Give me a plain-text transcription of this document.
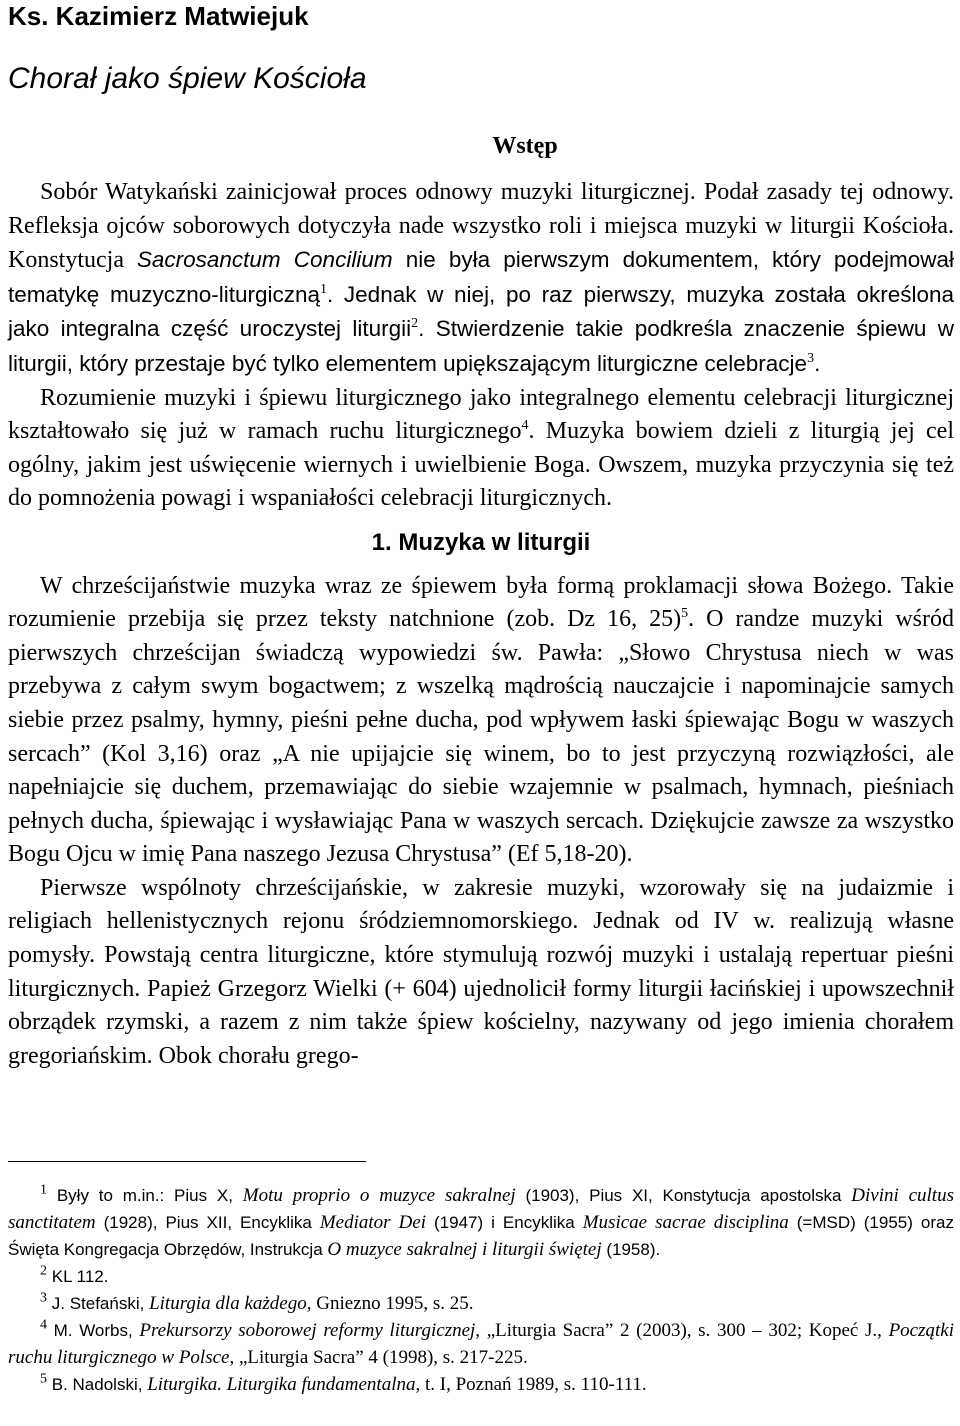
Ks. Kazimierz Matwiejuk
Chorał jako śpiew Kościoła
Wstęp

Sobór Watykański zainicjował proces odnowy muzyki liturgicznej. Podał zasady tej odnowy. Refleksja ojców soborowych dotyczyła nade wszystko roli i miejsca muzyki w liturgii Kościoła. Konstytucja Sacrosanctum Concilium nie była pierwszym dokumentem, który podejmował tematykę muzyczno-liturgiczną$^1$. Jednak w niej, po raz pierwszy, muzyka została określona jako integralna część uroczystej liturgii$^2$. Stwierdzenie takie podkreśla znaczenie śpiewu w liturgii, który przestaje być tylko elementem upiększającym liturgiczne celebracje$^3$.

Rozumienie muzyki i śpiewu liturgicznego jako integralnego elementu celebracji liturgicznej kształtowało się już w ramach ruchu liturgicznego$^4$. Muzyka bowiem dzieli z liturgią jej cel ogólny, jakim jest uświęcenie wiernych i uwielbienie Boga. Owszem, muzyka przyczynia się też do pomnożenia powagi i wspaniałości celebracji liturgicznych.

1. Muzyka w liturgii

W chrześcijaństwie muzyka wraz ze śpiewem była formą proklamacji słowa Bożego. Takie rozumienie przebija się przez teksty natchnione (zob. Dz 16, 25)$^5$. O randze muzyki wśród pierwszych chrześcijan świadczą wypowiedzi św. Pawła: „Słowo Chrystusa niech w was przebywa z całym swym bogactwem; z wszelką mądrością nauczajcie i napominajcie samych siebie przez psalmy, hymny, pieśni pełne ducha, pod wpływem łaski śpiewając Bogu w waszych sercach” (Kol 3,16) oraz „A nie upijajcie się winem, bo to jest przyczyną rozwiązłości, ale napełniajcie się duchem, przemawiając do siebie wzajemnie w psalmach, hymnach, pieśniach pełnych ducha, śpiewając i wysławiając Pana w waszych sercach. Dziękujcie zawsze za wszystko Bogu Ojcu w imię Pana naszego Jezusa Chrystusa” (Ef 5,18-20).

Pierwsze wspólnoty chrześcijańskie, w zakresie muzyki, wzorowały się na judaizmie i religiach hellenistycznych rejonu śródziemnomorskiego. Jednak od IV w. realizują własne pomysły. Powstają centra liturgiczne, które stymulują rozwój muzyki i ustalają repertuar pieśni liturgicznych. Papież Grzegorz Wielki (+ 604) ujednolicił formy liturgii łacińskiej i upowszechnił obrządek rzymski, a razem z nim także śpiew kościelny, nazywany od jego imienia chorałem gregoriańskim. Obok chorału grego-

$^1$ Były to m.in.: Pius X, Motu proprio o muzyce sakralnej (1903), Pius XI, Konstytucja apostolska Divini cultus sanctitatem (1928), Pius XII, Encyklika Mediator Dei (1947) i Encyklika Musicae sacrae disciplina (=MSD) (1955) oraz Święta Kongregacja Obrzędów, Instrukcja O muzyce sakralnej i liturgii świętej (1958).

$^2$ KL 112.

$^3$ J. Stefański, Liturgia dla każdego, Gniezno 1995, s. 25.

$^4$ M. Worbs, Prekursorzy soborowej reformy liturgicznej, „Liturgia Sacra” 2 (2003), s. 300 – 302; Kopeć J., Początki ruchu liturgicznego w Polsce, „Liturgia Sacra” 4 (1998), s. 217-225.

$^5$ B. Nadolski, Liturgika. Liturgika fundamentalna, t. I, Poznań 1989, s. 110-111.
